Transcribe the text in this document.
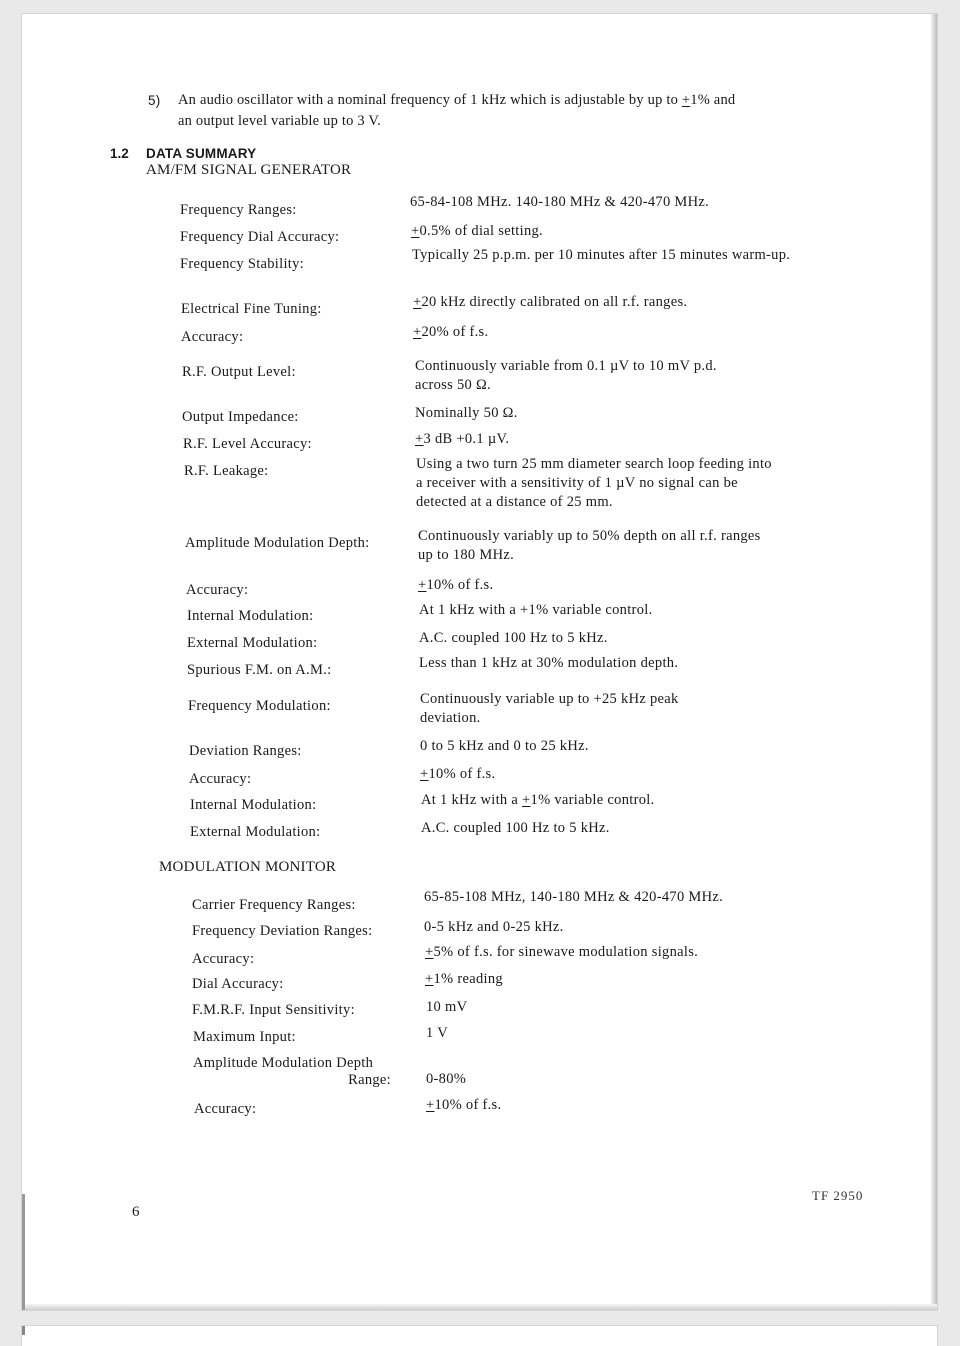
5) An audio oscillator with a nominal frequency of 1 kHz which is adjustable by up to +1% and
an output level variable up to 3 V.
1.2 DATA SUMMARY
AM/FM SIGNAL GENERATOR
Frequency Ranges:	65-84-108 MHz. 140-180 MHz & 420-470 MHz.
Frequency Dial Accuracy:	+0.5% of dial setting.
Frequency Stability:
Typically 25 p.p.m. per 10 minutes after 15 minutes warm-up.
Electrical Fine Tuning:	+20 kHz directly calibrated on all r.f. ranges.
Accuracy:	+20% of f.s.
R.F. Output Level:	Continuously variable from 0.1 µV to 10 mV p.d. across 50 Ω.
Output Impedance:	Nominally 50 Ω.
R.F. Level Accuracy:	+3 dB +0.1 µV.
R.F. Leakage:	Using a two turn 25 mm diameter search loop feeding into a receiver with a sensitivity of 1 µV no signal can be detected at a distance of 25 mm.
Amplitude Modulation Depth:	Continuously variably up to 50% depth on all r.f. ranges up to 180 MHz.
Accuracy:	+10% of f.s.
Internal Modulation:	At 1 kHz with a +1% variable control.
External Modulation:	A.C. coupled 100 Hz to 5 kHz.
Spurious F.M. on A.M.:	Less than 1 kHz at 30% modulation depth.
Frequency Modulation:	Continuously variable up to +25 kHz peak deviation.
Deviation Ranges:	0 to 5 kHz and 0 to 25 kHz.
Accuracy:	+10% of f.s.
Internal Modulation:	At 1 kHz with a +1% variable control.
External Modulation:	A.C. coupled 100 Hz to 5 kHz.
MODULATION MONITOR
Carrier Frequency Ranges:	65-85-108 MHz, 140-180 MHz & 420-470 MHz.
Frequency Deviation Ranges:	0-5 kHz and 0-25 kHz.
Accuracy:	+5% of f.s. for sinewave modulation signals.
Dial Accuracy:	+1% reading
F.M.R.F. Input Sensitivity:	10 mV
Maximum Input:	1 V
Amplitude Modulation Depth
Range: 0-80%
Accuracy:	+10% of f.s.
6
TF 2950
